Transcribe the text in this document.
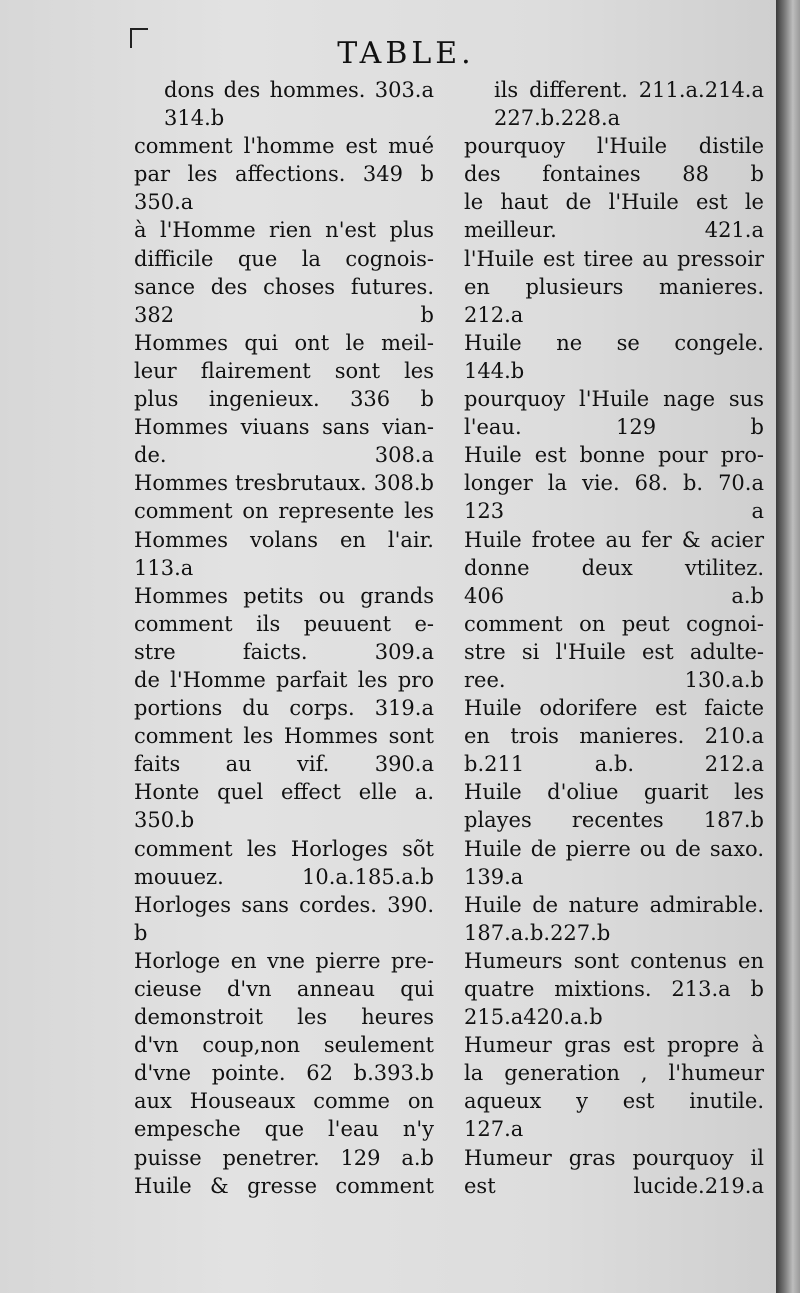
TABLE.
dons des hommes. 303.a
314.b
comment l'homme est mué
par les affections. 349 b
350.a
à l'Homme rien n'est plus
difficile que la cognois-
sance des choses futures.
382 b
Hommes qui ont le meil-
leur flairement sont les
plus ingenieux. 336 b
Hommes viuans sans vian-
de. 308.a
Hommes tresbrutaux. 308.b
comment on represente les
Hommes volans en l'air.
113.a
Hommes petits ou grands
comment ils peuuent e-
stre faicts. 309.a
de l'Homme parfait les pro
portions du corps. 319.a
comment les Hommes sont
faits au vif. 390.a
Honte quel effect elle a.
350.b
comment les Horloges sõt
mouuez. 10.a.185.a.b
Horloges sans cordes. 390.
b
Horloge en vne pierre pre-
cieuse d'vn anneau qui
demonstroit les heures
d'vn coup,non seulement
d'vne pointe. 62 b.393.b
aux Houseaux comme on
empesche que l'eau n'y
puisse penetrer. 129 a.b
Huile & gresse comment
ils different. 211.a.214.a
227.b.228.a
pourquoy l'Huile distile
des fontaines 88 b
le haut de l'Huile est le
meilleur. 421.a
l'Huile est tiree au pressoir
en plusieurs manieres.
212.a
Huile ne se congele.
144.b
pourquoy l'Huile nage sus
l'eau. 129 b
Huile est bonne pour pro-
longer la vie. 68. b. 70.a
123 a
Huile frotee au fer & acier
donne deux vtilitez.
406 a.b
comment on peut cognoi-
stre si l'Huile est adulte-
ree. 130.a.b
Huile odorifere est faicte
en trois manieres. 210.a
b.211 a.b. 212.a
Huile d'oliue guarit les
playes recentes 187.b
Huile de pierre ou de saxo.
139.a
Huile de nature admirable.
187.a.b.227.b
Humeurs sont contenus en
quatre mixtions. 213.a b
215.a420.a.b
Humeur gras est propre à
la generation , l'humeur
aqueux y est inutile.
127.a
Humeur gras pourquoy il
est lucide.219.a
